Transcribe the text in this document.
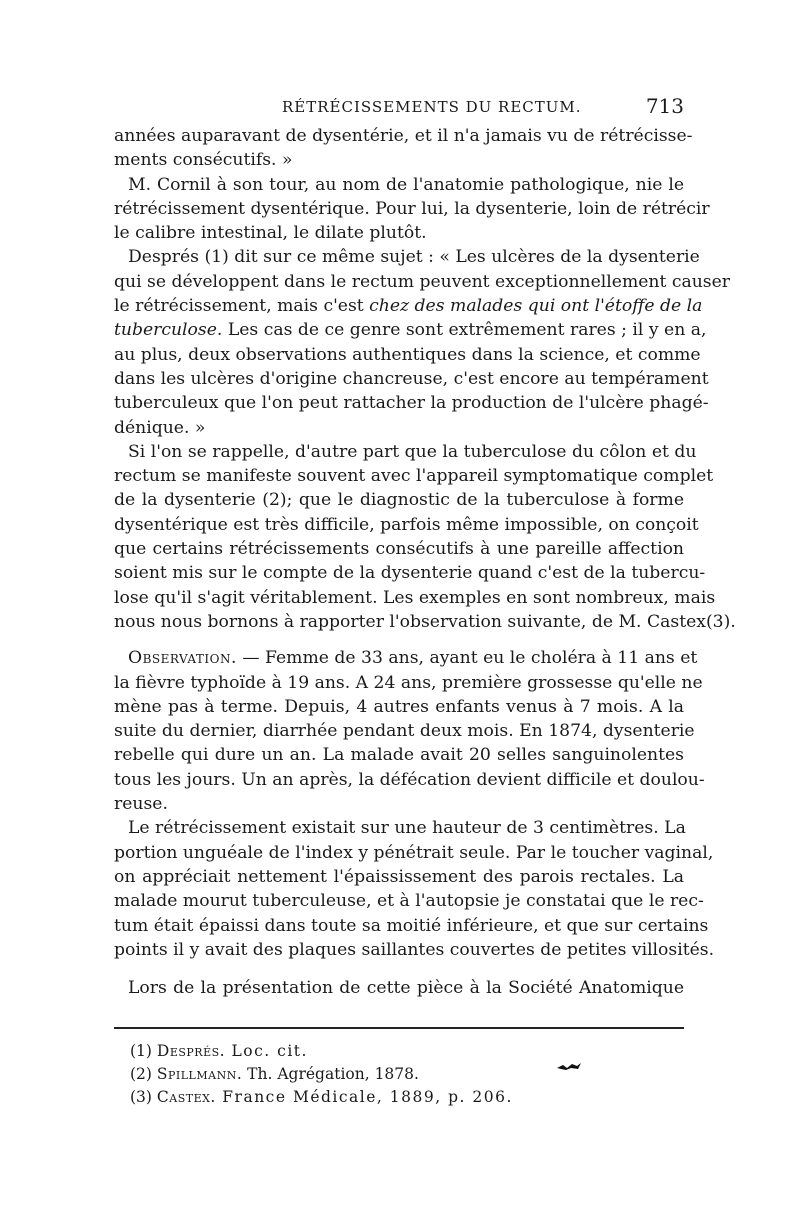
RÉTRÉCISSEMENTS DU RECTUM.	713
années auparavant de dysentérie, et il n'a jamais vu de rétrécisse-
ments consécutifs. »
M. Cornil à son tour, au nom de l'anatomie pathologique, nie le
rétrécissement dysentérique. Pour lui, la dysenterie, loin de rétrécir
le calibre intestinal, le dilate plutôt.
Després (1) dit sur ce même sujet : « Les ulcères de la dysenterie
qui se développent dans le rectum peuvent exceptionnellement causer
le rétrécissement, mais c'est chez des malades qui ont l'étoffe de la
tuberculose. Les cas de ce genre sont extrêmement rares ; il y en a,
au plus, deux observations authentiques dans la science, et comme
dans les ulcères d'origine chancreuse, c'est encore au tempérament
tuberculeux que l'on peut rattacher la production de l'ulcère phagé-
dénique. »
Si l'on se rappelle, d'autre part que la tuberculose du côlon et du
rectum se manifeste souvent avec l'appareil symptomatique complet
de la dysenterie (2); que le diagnostic de la tuberculose à forme
dysentérique est très difficile, parfois même impossible, on conçoit
que certains rétrécissements consécutifs à une pareille affection
soient mis sur le compte de la dysenterie quand c'est de la tubercu-
lose qu'il s'agit véritablement. Les exemples en sont nombreux, mais
nous nous bornons à rapporter l'observation suivante, de M. Castex(3).
Observation. — Femme de 33 ans, ayant eu le choléra à 11 ans et
la fièvre typhoïde à 19 ans. A 24 ans, première grossesse qu'elle ne
mène pas à terme. Depuis, 4 autres enfants venus à 7 mois. A la
suite du dernier, diarrhée pendant deux mois. En 1874, dysenterie
rebelle qui dure un an. La malade avait 20 selles sanguinolentes
tous les jours. Un an après, la défécation devient difficile et doulou-
reuse.
Le rétrécissement existait sur une hauteur de 3 centimètres. La
portion unguéale de l'index y pénétrait seule. Par le toucher vaginal,
on appréciait nettement l'épaississement des parois rectales. La
malade mourut tuberculeuse, et à l'autopsie je constatai que le rec-
tum était épaissi dans toute sa moitié inférieure, et que sur certains
points il y avait des plaques saillantes couvertes de petites villosités.
Lors de la présentation de cette pièce à la Société Anatomique
(1) Després. Loc. cit.
(2) Spillmann. Th. Agrégation, 1878.
(3) Castex. France Médicale, 1889, p. 206.
